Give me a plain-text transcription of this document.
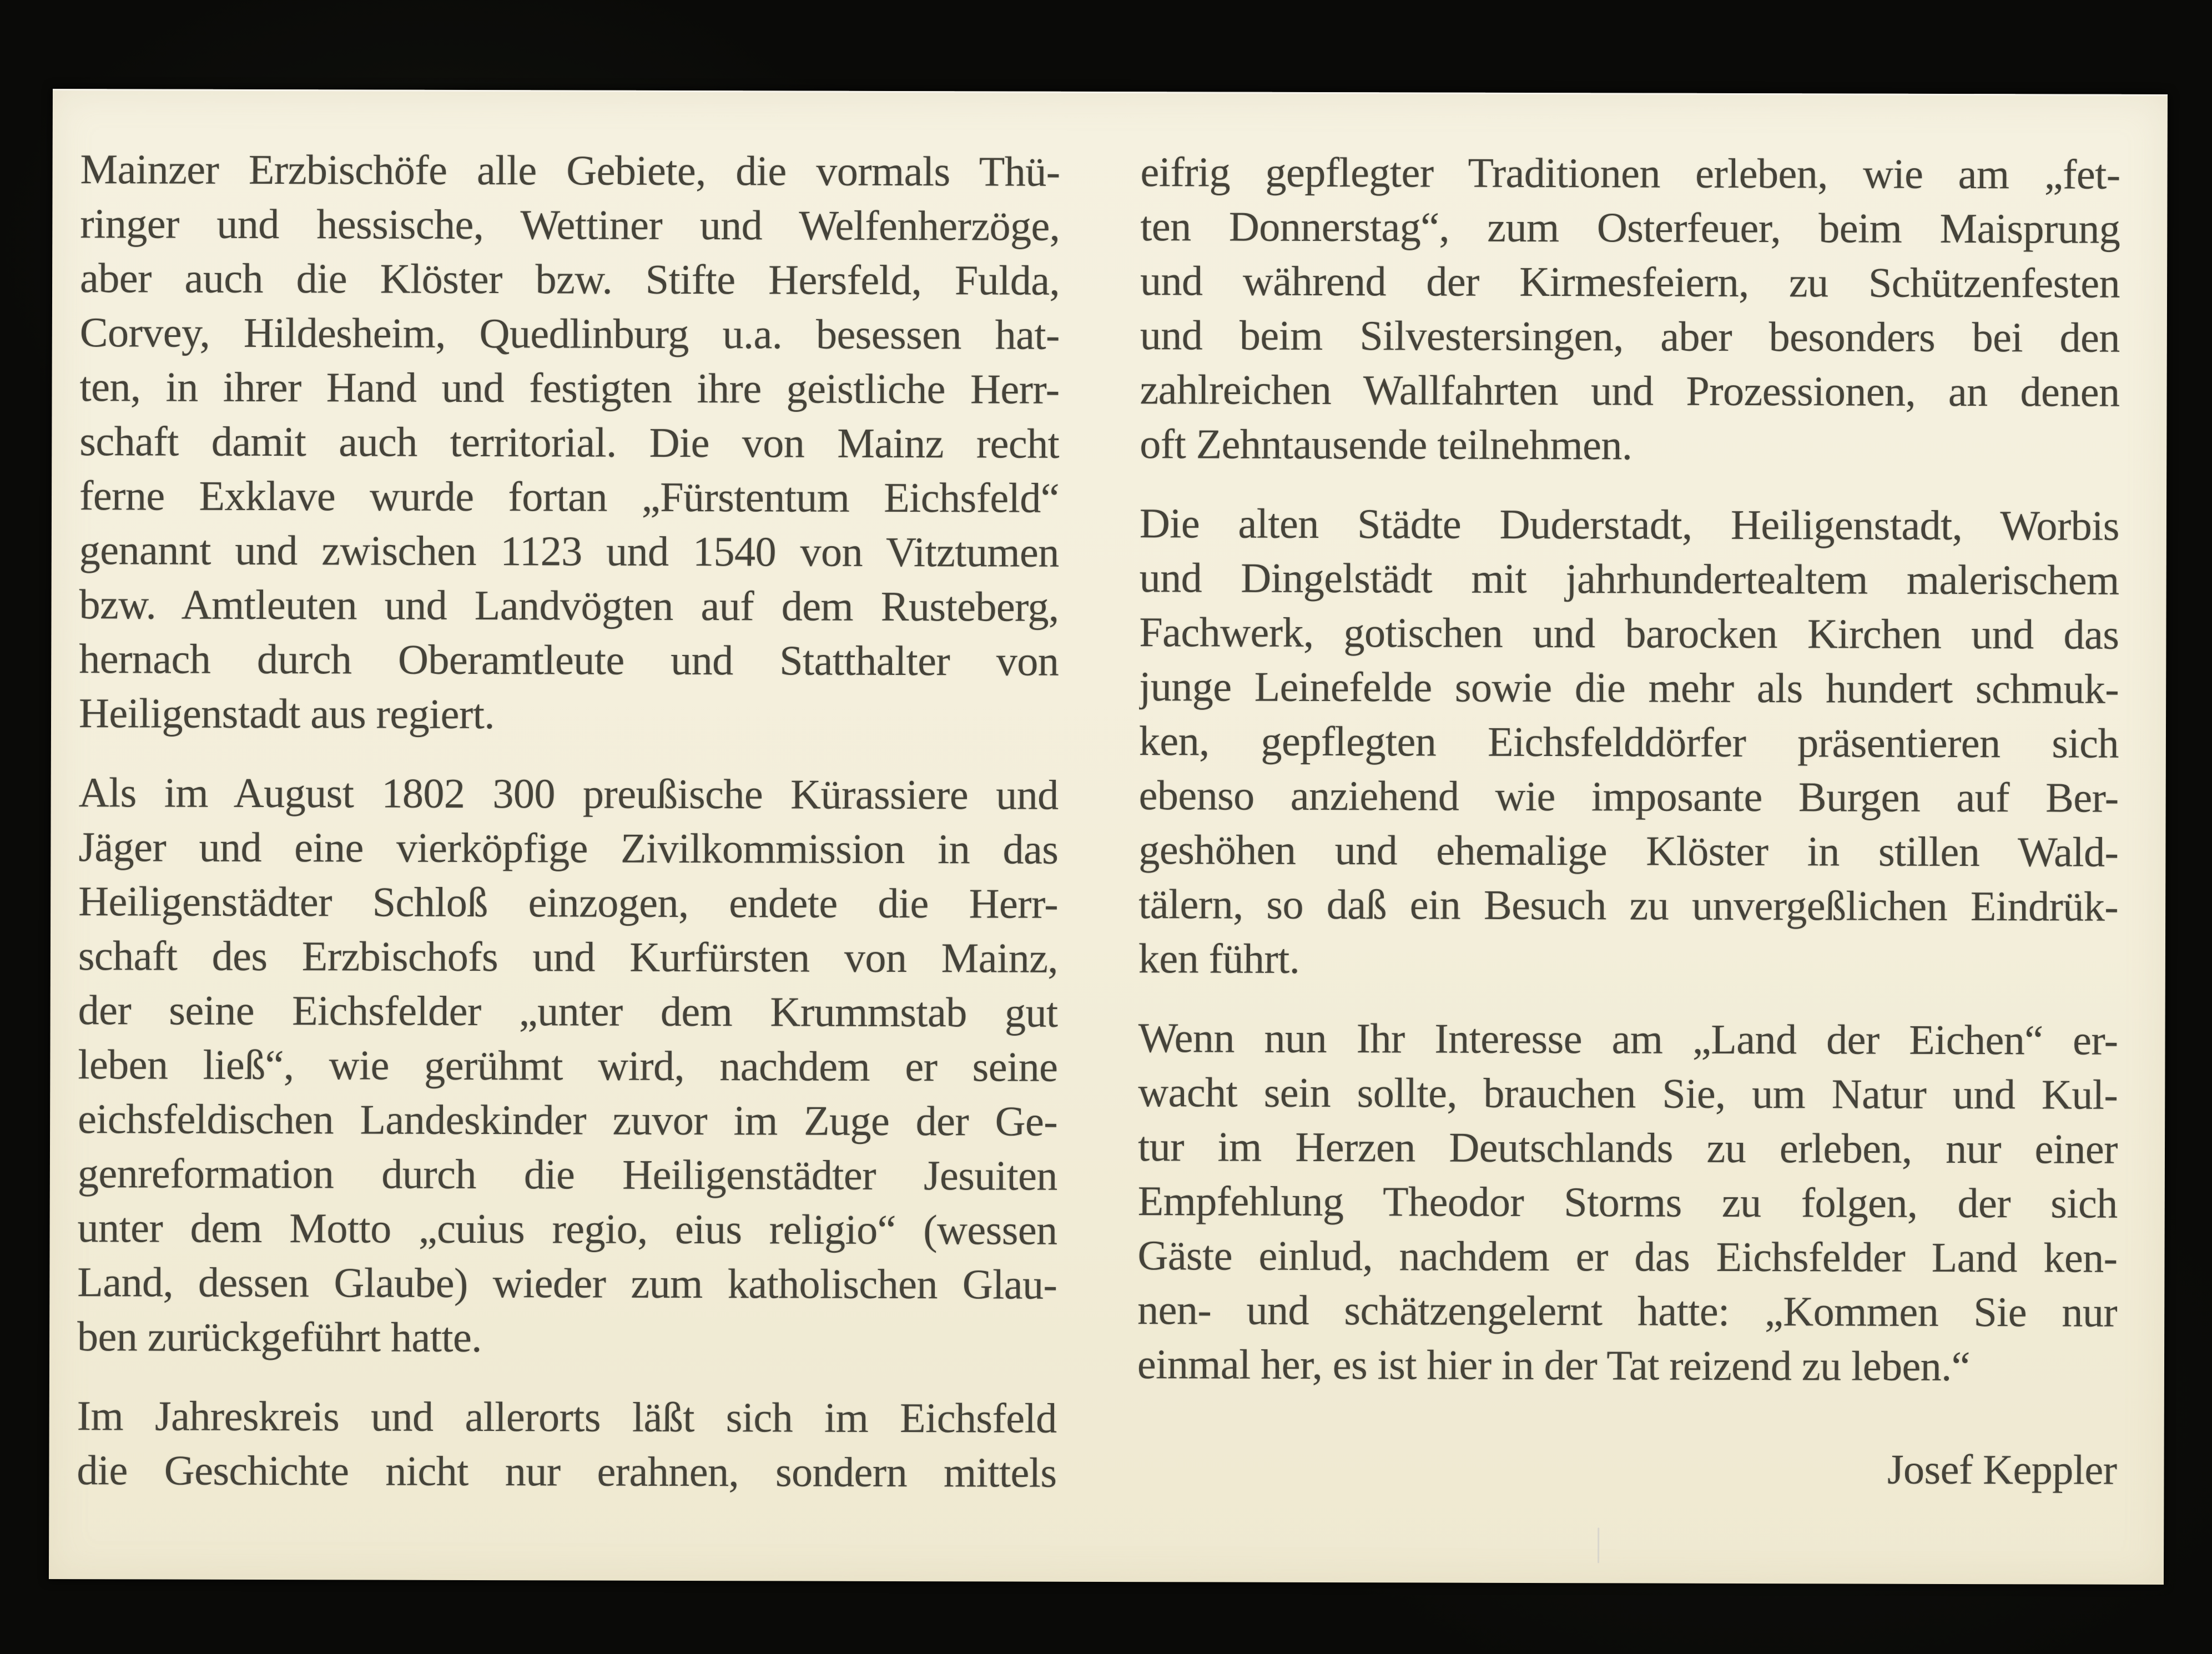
Mainzer Erzbischöfe alle Gebiete, die vormals Thü-
ringer und hessische, Wettiner und Welfenherzöge,
aber auch die Klöster bzw. Stifte Hersfeld, Fulda,
Corvey, Hildesheim, Quedlinburg u.a. besessen hat-
ten, in ihrer Hand und festigten ihre geistliche Herr-
schaft damit auch territorial. Die von Mainz recht
ferne Exklave wurde fortan „Fürstentum Eichsfeld“
genannt und zwischen 1123 und 1540 von Vitztumen
bzw. Amtleuten und Landvögten auf dem Rusteberg,
hernach durch Oberamtleute und Statthalter von
Heiligenstadt aus regiert.
Als im August 1802 300 preußische Kürassiere und
Jäger und eine vierköpfige Zivilkommission in das
Heiligenstädter Schloß einzogen, endete die Herr-
schaft des Erzbischofs und Kurfürsten von Mainz,
der seine Eichsfelder „unter dem Krummstab gut
leben ließ“, wie gerühmt wird, nachdem er seine
eichsfeldischen Landeskinder zuvor im Zuge der Ge-
genreformation durch die Heiligenstädter Jesuiten
unter dem Motto „cuius regio, eius religio“ (wessen
Land, dessen Glaube) wieder zum katholischen Glau-
ben zurückgeführt hatte.
Im Jahreskreis und allerorts läßt sich im Eichsfeld
die Geschichte nicht nur erahnen, sondern mittels
eifrig gepflegter Traditionen erleben, wie am „fet-
ten Donnerstag“, zum Osterfeuer, beim Maisprung
und während der Kirmesfeiern, zu Schützenfesten
und beim Silvestersingen, aber besonders bei den
zahlreichen Wallfahrten und Prozessionen, an denen
oft Zehntausende teilnehmen.
Die alten Städte Duderstadt, Heiligenstadt, Worbis
und Dingelstädt mit jahrhundertealtem malerischem
Fachwerk, gotischen und barocken Kirchen und das
junge Leinefelde sowie die mehr als hundert schmuk-
ken, gepflegten Eichsfelddörfer präsentieren sich
ebenso anziehend wie imposante Burgen auf Ber-
geshöhen und ehemalige Klöster in stillen Wald-
tälern, so daß ein Besuch zu unvergeßlichen Eindrük-
ken führt.
Wenn nun Ihr Interesse am „Land der Eichen“ er-
wacht sein sollte, brauchen Sie, um Natur und Kul-
tur im Herzen Deutschlands zu erleben, nur einer
Empfehlung Theodor Storms zu folgen, der sich
Gäste einlud, nachdem er das Eichsfelder Land ken-
nen- und schätzengelernt hatte: „Kommen Sie nur
einmal her, es ist hier in der Tat reizend zu leben.“
Josef Keppler
